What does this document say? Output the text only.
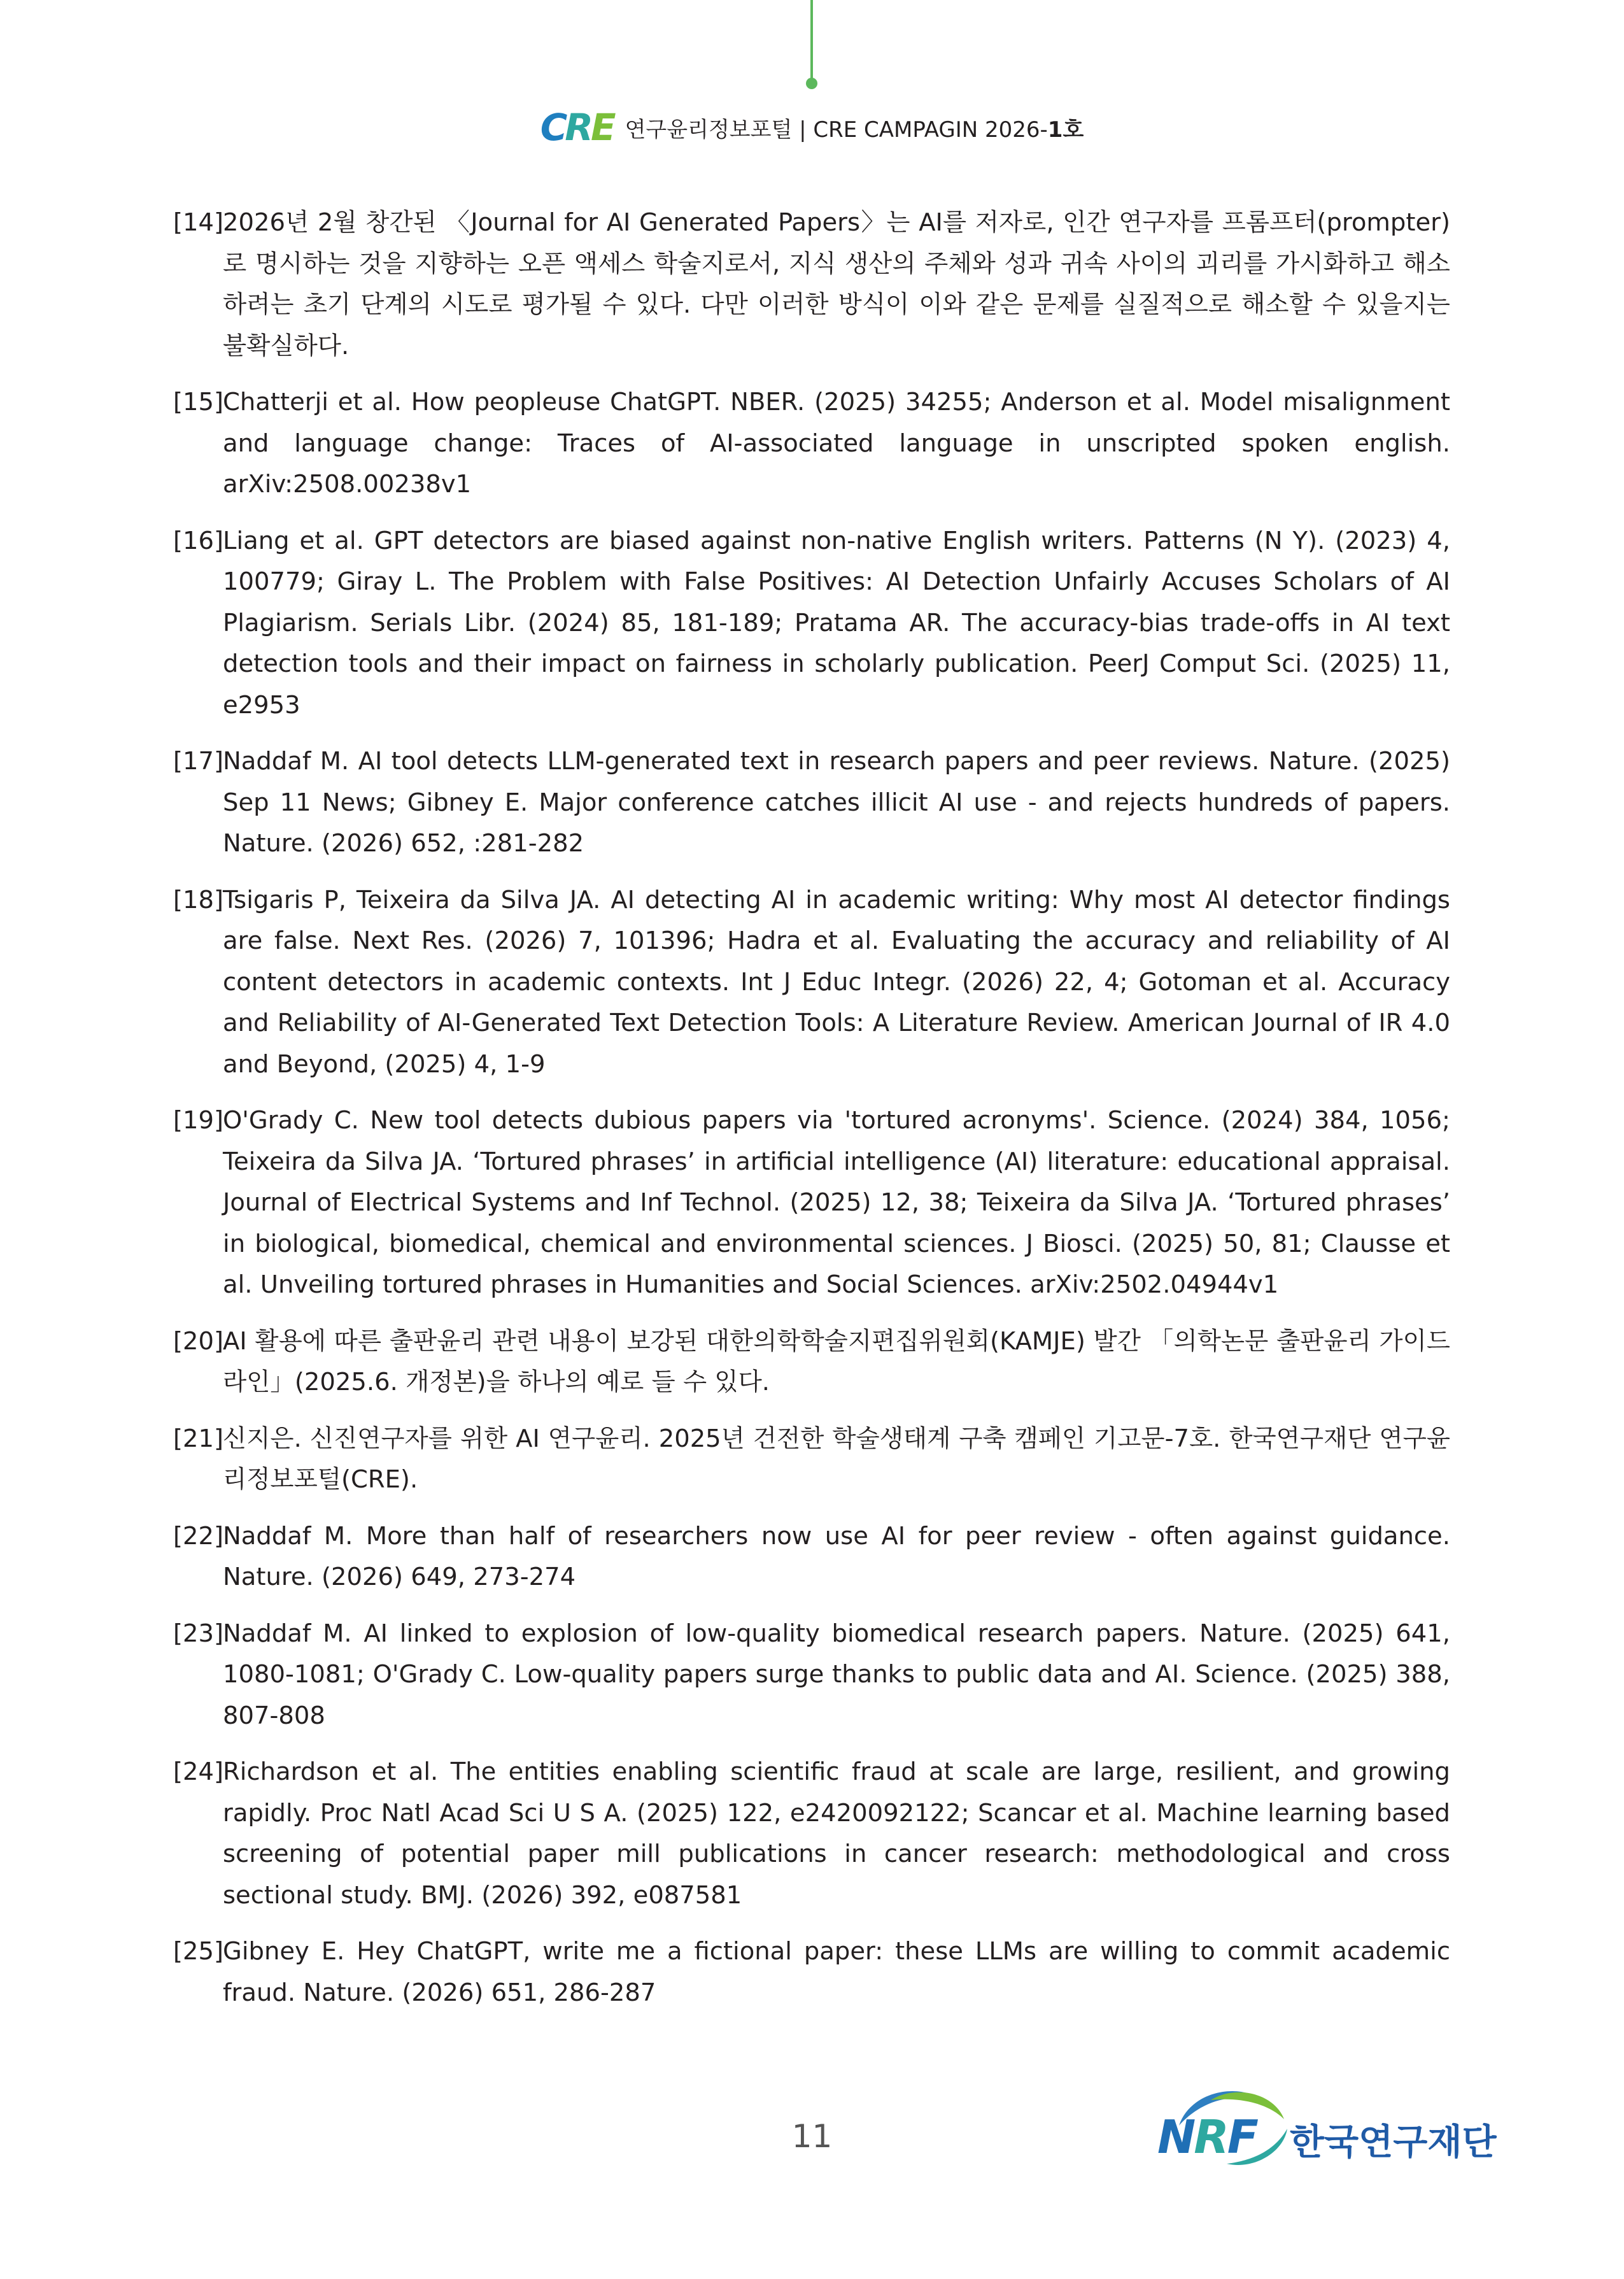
C R E 연구윤리정보포털 | CRE CAMPAGIN 2026-1호
[14]
2026년 2월 창간된 〈Journal for AI Generated Papers〉는 AI를 저자로, 인간 연구자를 프롬프터(prompter)로 명시하는 것을 지향하는 오픈 액세스 학술지로서, 지식 생산의 주체와 성과 귀속 사이의 괴리를 가시화하고 해소하려는 초기 단계의 시도로 평가될 수 있다. 다만 이러한 방식이 이와 같은 문제를 실질적으로 해소할 수 있을지는 불확실하다.
[15]
Chatterji et al. How peopleuse ChatGPT. NBER. (2025) 34255; Anderson et al. Model misalignment and language change: Traces of AI-associated language in unscripted spoken english. arXiv:2508.00238v1
[16]
Liang et al. GPT detectors are biased against non-native English writers. Patterns (N Y). (2023) 4, 100779; Giray L. The Problem with False Positives: AI Detection Unfairly Accuses Scholars of AI Plagiarism. Serials Libr. (2024) 85, 181-189; Pratama AR. The accuracy-bias trade-offs in AI text detection tools and their impact on fairness in scholarly publication. PeerJ Comput Sci. (2025) 11, e2953
[17]
Naddaf M. AI tool detects LLM-generated text in research papers and peer reviews. Nature. (2025) Sep 11 News; Gibney E. Major conference catches illicit AI use - and rejects hundreds of papers. Nature. (2026) 652, :281-282
[18]
Tsigaris P, Teixeira da Silva JA. AI detecting AI in academic writing: Why most AI detector findings are false. Next Res. (2026) 7, 101396; Hadra et al. Evaluating the accuracy and reliability of AI content detectors in academic contexts. Int J Educ Integr. (2026) 22, 4; Gotoman et al. Accuracy and Reliability of AI-Generated Text Detection Tools: A Literature Review. American Journal of IR 4.0 and Beyond, (2025) 4, 1-9
[19]
O'Grady C. New tool detects dubious papers via 'tortured acronyms'. Science. (2024) 384, 1056; Teixeira da Silva JA. ‘Tortured phrases’ in artificial intelligence (AI) literature: educational appraisal. Journal of Electrical Systems and Inf Technol. (2025) 12, 38; Teixeira da Silva JA. ‘Tortured phrases’ in biological, biomedical, chemical and environmental sciences. J Biosci. (2025) 50, 81; Clausse et al. Unveiling tortured phrases in Humanities and Social Sciences. arXiv:2502.04944v1
[20]
AI 활용에 따른 출판윤리 관련 내용이 보강된 대한의학학술지편집위원회(KAMJE) 발간 「의학논문 출판윤리 가이드라인」(2025.6. 개정본)을 하나의 예로 들 수 있다.
[21]
신지은. 신진연구자를 위한 AI 연구윤리. 2025년 건전한 학술생태계 구축 캠페인 기고문-7호. 한국연구재단 연구윤리정보포털(CRE).
[22]
Naddaf M. More than half of researchers now use AI for peer review - often against guidance. Nature. (2026) 649, 273-274
[23]
Naddaf M. AI linked to explosion of low-quality biomedical research papers. Nature. (2025) 641, 1080-1081; O'Grady C. Low-quality papers surge thanks to public data and AI. Science. (2025) 388, 807-808
[24]
Richardson et al. The entities enabling scientific fraud at scale are large, resilient, and growing rapidly. Proc Natl Acad Sci U S A. (2025) 122, e2420092122; Scancar et al. Machine learning based screening of potential paper mill publications in cancer research: methodological and cross sectional study. BMJ. (2026) 392, e087581
[25]
Gibney E. Hey ChatGPT, write me a fictional paper: these LLMs are willing to commit academic fraud. Nature. (2026) 651, 286-287
11	NRF 한국연구재단
